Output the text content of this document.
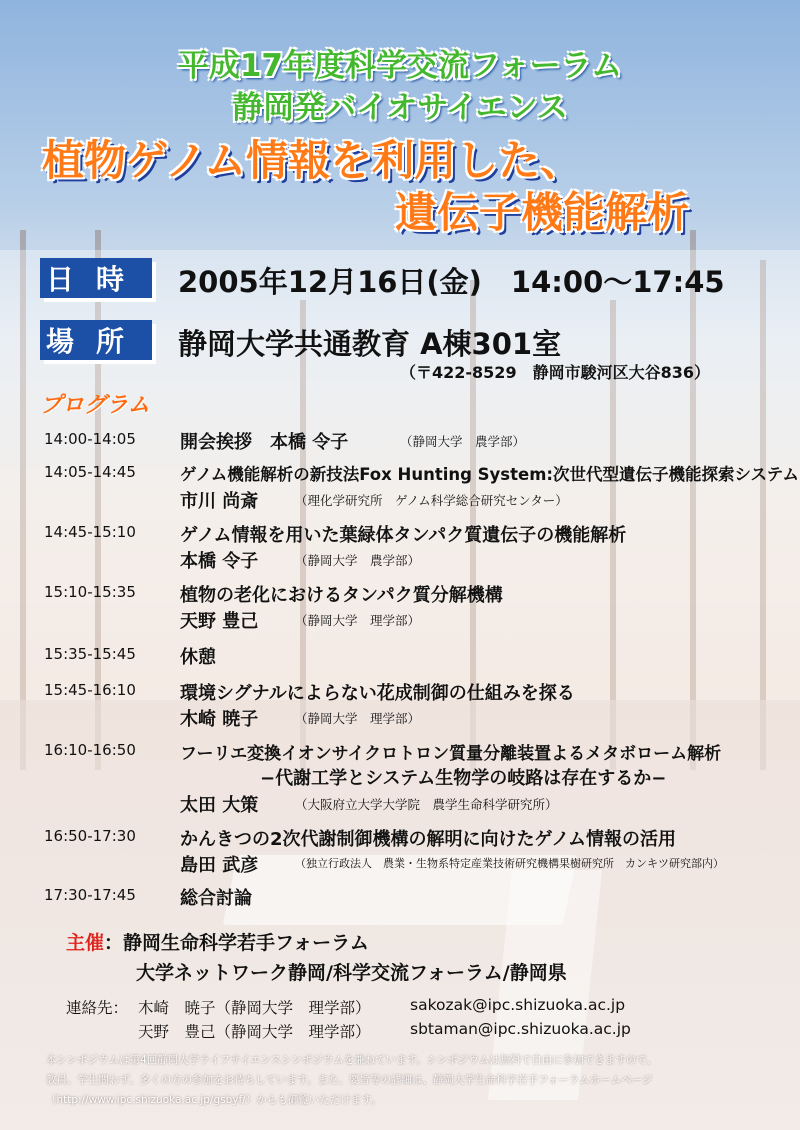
平成17年度科学交流フォーラム
静岡発バイオサイエンス
植物ゲノム情報を利用した、
遺伝子機能解析
日時 2005年12月16日(金)　14:00〜17:45
場所 静岡大学共通教育 A棟301室
（〒422-8529　静岡市駿河区大谷836）
プログラム
14:00-14:05 開会挨拶　本橋 令子	（静岡大学　農学部）
14:05-14:45	ゲノム機能解析の新技法Fox Hunting System:次世代型遺伝子機能探索システム
市川 尚斎	（理化学研究所　ゲノム科学総合研究センター）
14:45-15:10 ゲノム情報を用いた葉緑体タンパク質遺伝子の機能解析
本橋 令子	（静岡大学　農学部）
15:10-15:35 植物の老化におけるタンパク質分解機構
天野 豊己	（静岡大学　理学部）
15:35-15:45 休憩
15:45-16:10 環境シグナルによらない花成制御の仕組みを探る
木崎 暁子	（静岡大学　理学部）
16:10-16:50	フーリエ変換イオンサイクロトロン質量分離装置よるメタボローム解析
−代謝工学とシステム生物学の岐路は存在するか−
太田 大策	（大阪府立大学大学院　農学生命科学研究所）
16:50-17:30 かんきつの2次代謝制御機構の解明に向けたゲノム情報の活用
島田 武彦	（独立行政法人　農業・生物系特定産業技術研究機構果樹研究所　カンキツ研究部内）
17:30-17:45 総合討論
主催：静岡生命科学若手フォーラム
大学ネットワーク静岡/科学交流フォーラム/静岡県
連絡先： 木崎　暁子（静岡大学　理学部）	sakozak@ipc.shizuoka.ac.jp
天野　豊己（静岡大学　理学部）	sbtaman@ipc.shizuoka.ac.jp
本シンポジウムは第4回静岡大学ライフサイエンスシンポジウムを兼ねています。シンポジウムは無料で自由に参加できますので、
教員、学生問わず、多くの方の参加をお待ちしています。また、要旨等の詳細は、静岡大学生命科学若手フォーラムホームページ
（http://www.ipc.shizuoka.ac.jp/gsbyf/）からも御覧いただけます。
